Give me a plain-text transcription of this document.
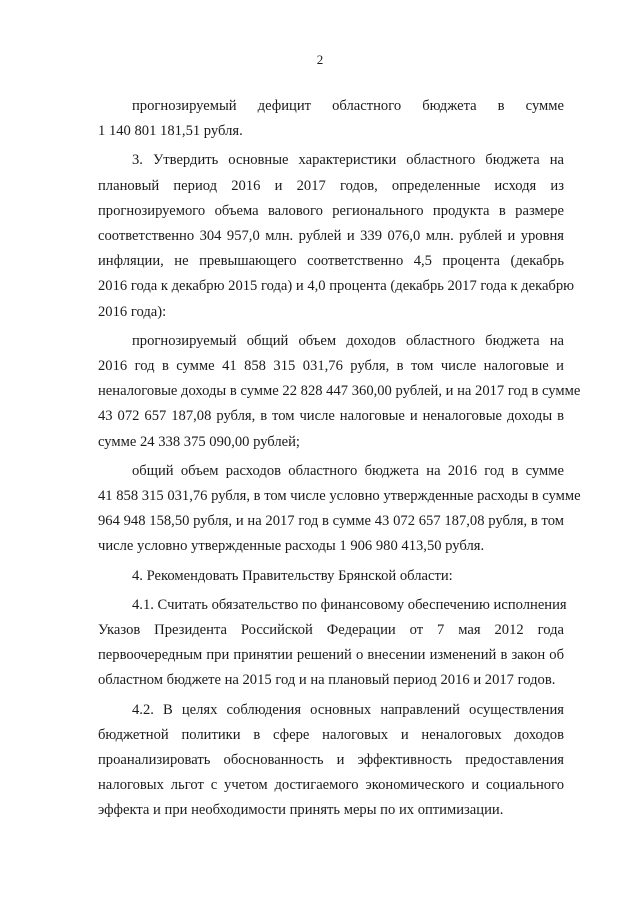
2
прогнозируемый дефицит областного бюджета в сумме
1 140 801 181,51 рубля.
3. Утвердить основные характеристики областного бюджета на
плановый период 2016 и 2017 годов, определенные исходя из
прогнозируемого объема валового регионального продукта в размере
соответственно 304 957,0 млн. рублей и 339 076,0 млн. рублей и уровня
инфляции, не превышающего соответственно 4,5 процента (декабрь
2016 года к декабрю 2015 года) и 4,0 процента (декабрь 2017 года к декабрю
2016 года):
прогнозируемый общий объем доходов областного бюджета на
2016 год в сумме 41 858 315 031,76 рубля, в том числе налоговые и
неналоговые доходы в сумме 22 828 447 360,00 рублей, и на 2017 год в сумме
43 072 657 187,08 рубля, в том числе налоговые и неналоговые доходы в
сумме 24 338 375 090,00 рублей;
общий объем расходов областного бюджета на 2016 год в сумме
41 858 315 031,76 рубля, в том числе условно утвержденные расходы в сумме
964 948 158,50 рубля, и на 2017 год в сумме 43 072 657 187,08 рубля, в том
числе условно утвержденные расходы 1 906 980 413,50 рубля.
4. Рекомендовать Правительству Брянской области:
4.1. Считать обязательство по финансовому обеспечению исполнения
Указов Президента Российской Федерации от 7 мая 2012 года
первоочередным при принятии решений о внесении изменений в закон об
областном бюджете на 2015 год и на плановый период 2016 и 2017 годов.
4.2. В целях соблюдения основных направлений осуществления
бюджетной политики в сфере налоговых и неналоговых доходов
проанализировать обоснованность и эффективность предоставления
налоговых льгот с учетом достигаемого экономического и социального
эффекта и при необходимости принять меры по их оптимизации.
